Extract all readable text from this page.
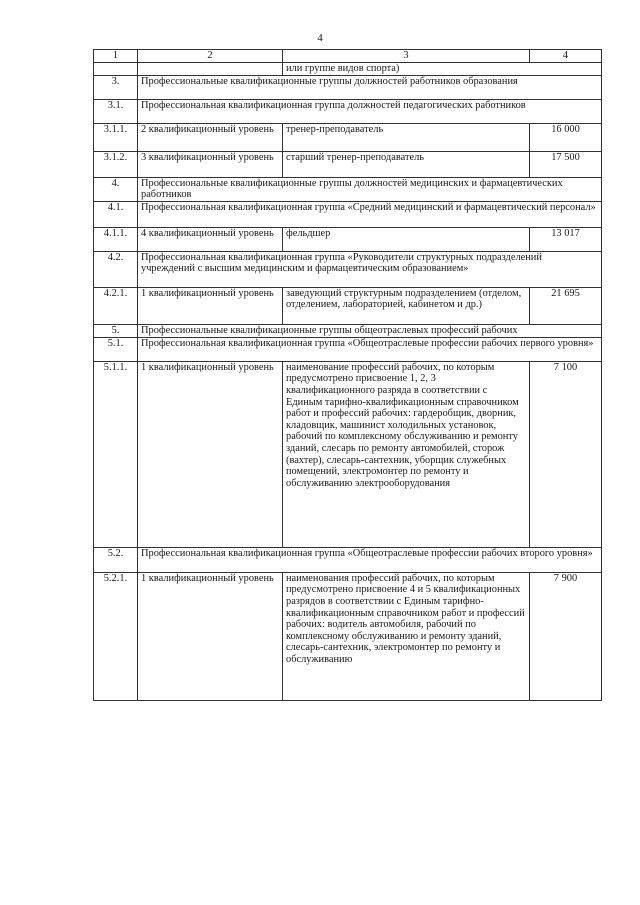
4
1	2	3	4
		или группе видов спорта)	
3.	Профессиональные квалификационные группы должностей работников образования		
3.1.	Профессиональная квалификационная группа должностей педагогических работников		
3.1.1.	2 квалификационный уровень	тренер-преподаватель	16 000
3.1.2.	3 квалификационный уровень	старший тренер-преподаватель	17 500
4.	Профессиональные квалификационные группы должностей медицинских и фармацевтических работников		
4.1.	Профессиональная квалификационная группа «Средний медицинский и фармацевтический персонал»		
4.1.1.	4 квалификационный уровень	фельдшер	13 017
4.2.	Профессиональная квалификационная группа «Руководители структурных подразделений учреждений с высшим медицинским и фармацевтическим образованием»		
4.2.1.	1 квалификационный уровень	заведующий структурным подразделением (отделом, отделением, лабораторией, кабинетом и др.)	21 695
5.	Профессиональные квалификационные группы общеотраслевых профессий рабочих		
5.1.	Профессиональная квалификационная группа «Общеотраслевые профессии рабочих первого уровня»		
5.1.1.	1 квалификационный уровень	наименование профессий рабочих, по которым предусмотрено присвоение 1, 2, 3 квалификационного разряда в соответствии с Единым тарифно-квалификационным справочником работ и профессий рабочих: гардеробщик, дворник, кладовщик, машинист холодильных установок, рабочий по комплексному обслуживанию и ремонту зданий, слесарь по ремонту автомобилей, сторож (вахтер), слесарь-сантехник, уборщик служебных помещений, электромонтер по ремонту и обслуживанию электрооборудования	7 100
5.2.	Профессиональная квалификационная группа «Общеотраслевые профессии рабочих второго уровня»		
5.2.1.	1 квалификационный уровень	наименования профессий рабочих, по которым предусмотрено присвоение 4 и 5 квалификационных разрядов в соответствии с Единым тарифно-квалификационным справочником работ и профессий рабочих: водитель автомобиля, рабочий по комплексному обслуживанию и ремонту зданий, слесарь-сантехник, электромонтер по ремонту и обслуживанию	7 900
